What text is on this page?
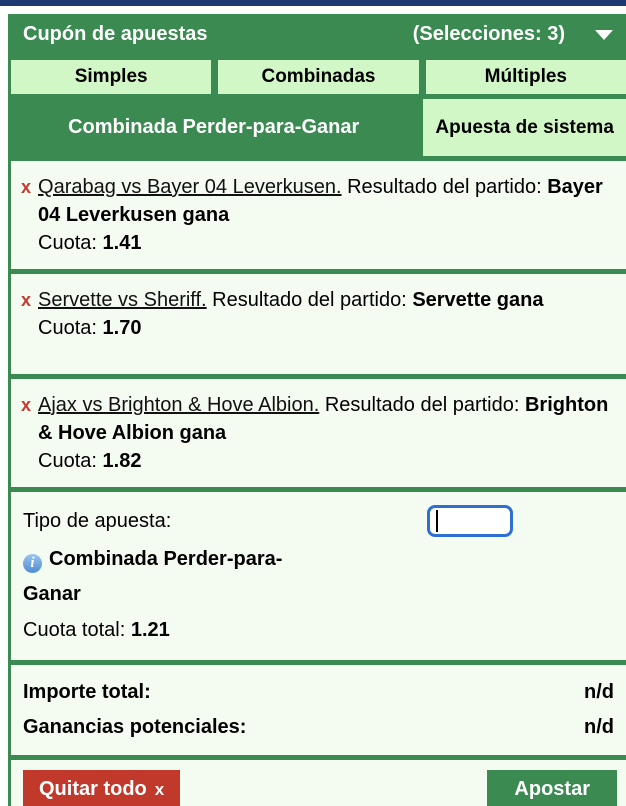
Cupón de apuestas	(Selecciones: 3)
Simples	Combinadas	Múltiples
Combinada Perder-para-Ganar	Apuesta de sistema
x Qarabag vs Bayer 04 Leverkusen. Resultado del partido: Bayer 04 Leverkusen gana
Cuota: 1.41
x Servette vs Sheriff. Resultado del partido: Servette gana
Cuota: 1.70
x Ajax vs Brighton & Hove Albion. Resultado del partido: Brighton & Hove Albion gana
Cuota: 1.82
Tipo de apuesta:
i Combinada Perder-para-Ganar
Cuota total: 1.21
Importe total:	n/d
Ganancias potenciales:	n/d
Quitar todo x	Apostar
